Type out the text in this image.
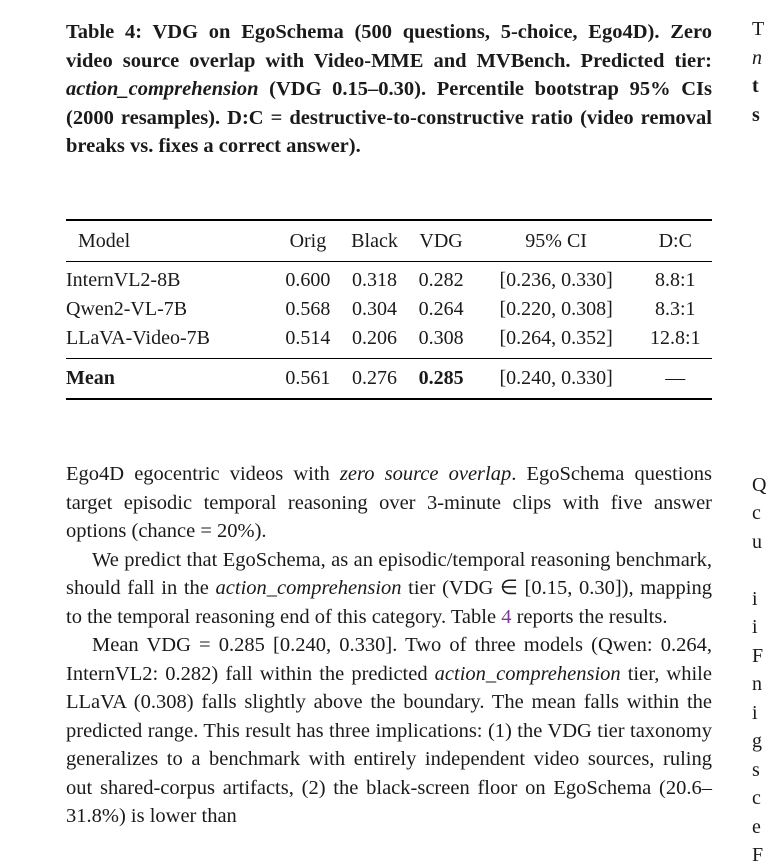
Table 4: VDG on EgoSchema (500 questions, 5-choice, Ego4D). Zero video source overlap with Video-MME and MVBench. Predicted tier: action_comprehension (VDG 0.15–0.30). Percentile bootstrap 95% CIs (2000 resamples). D:C = destructive-to-constructive ratio (video removal breaks vs. fixes a correct answer).

Model	Orig	Black	VDG	95% CI	D:C
InternVL2-8B	0.600	0.318	0.282	[0.236, 0.330]	8.8:1
Qwen2-VL-7B	0.568	0.304	0.264	[0.220, 0.308]	8.3:1
LLaVA-Video-7B	0.514	0.206	0.308	[0.264, 0.352]	12.8:1
Mean	0.561	0.276	0.285	[0.240, 0.330]	—

Ego4D egocentric videos with zero source overlap. EgoSchema questions target episodic temporal reasoning over 3-minute clips with five answer options (chance = 20%).

We predict that EgoSchema, as an episodic/temporal reasoning benchmark, should fall in the action_comprehension tier (VDG ∈ [0.15, 0.30]), mapping to the temporal reasoning end of this category. Table 4 reports the results.

Mean VDG = 0.285 [0.240, 0.330]. Two of three models (Qwen: 0.264, InternVL2: 0.282) fall within the predicted action_comprehension tier, while LLaVA (0.308) falls slightly above the boundary. The mean falls within the predicted range. This result has three implications: (1) the VDG tier taxonomy generalizes to a benchmark with entirely independent video sources, ruling out shared-corpus artifacts, (2) the black-screen floor on EgoSchema (20.6–31.8%) is lower than

T
n
t
s
Q
c
u
i
i
F
n
i
g
s
c
e
F
